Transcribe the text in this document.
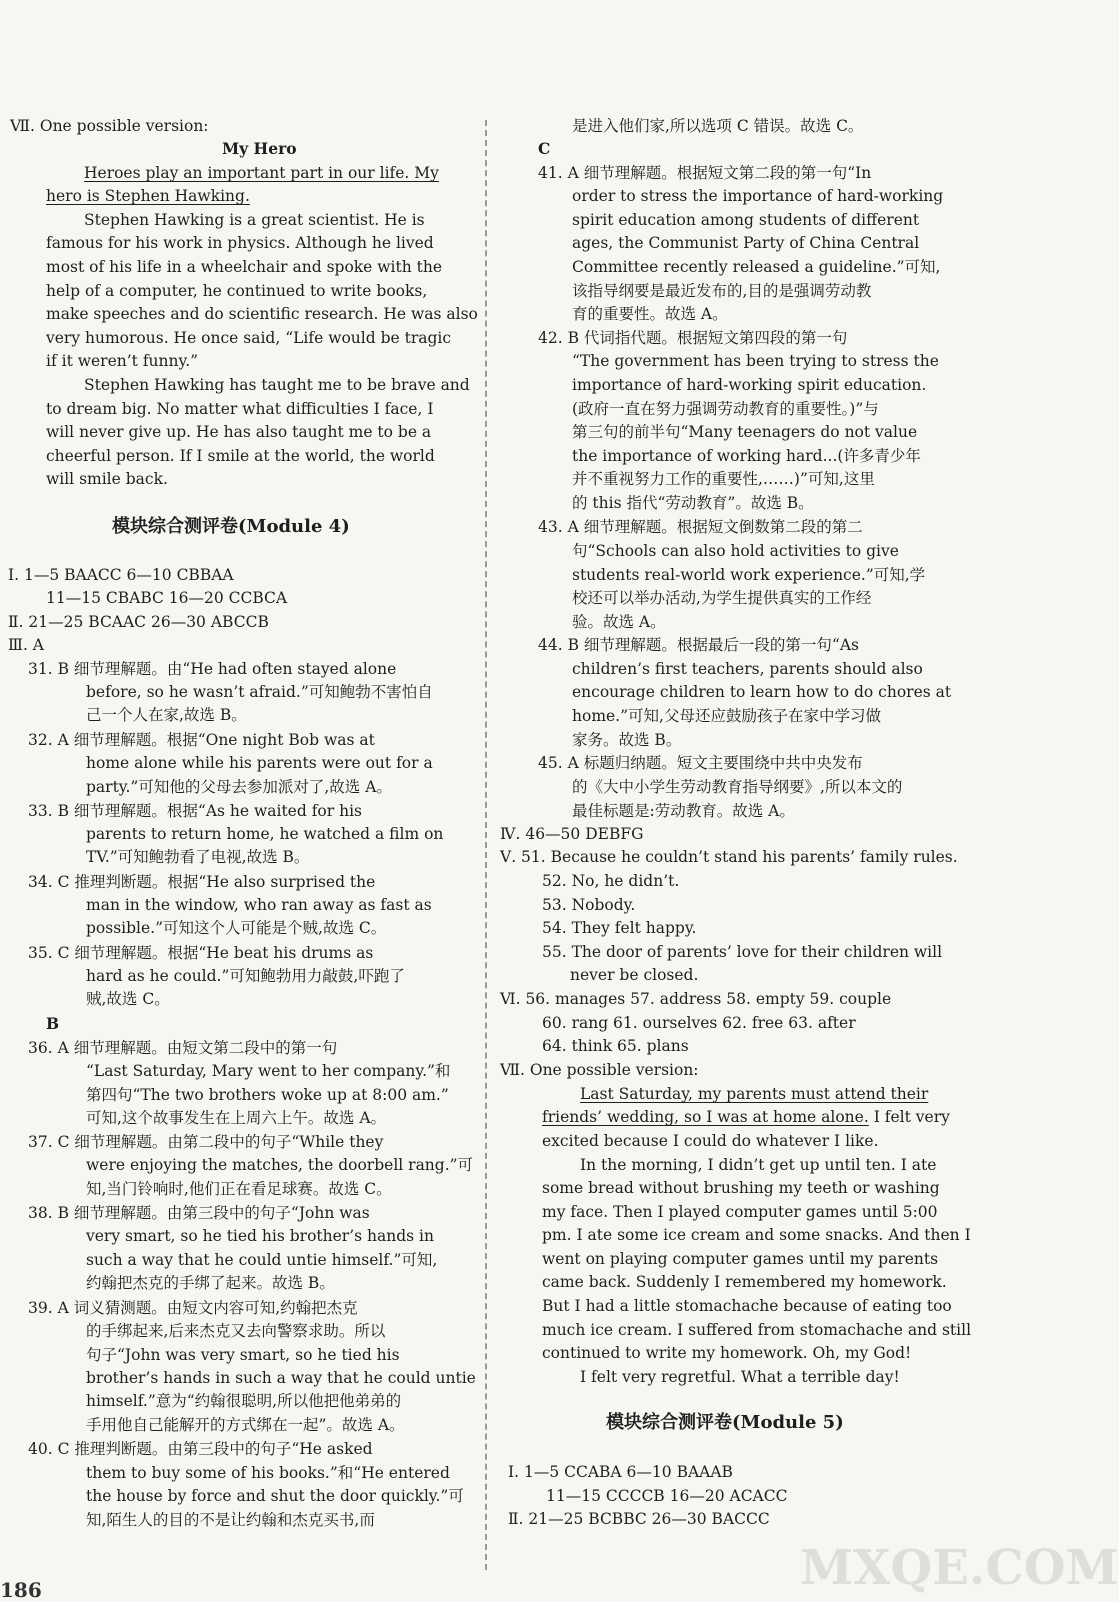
Ⅶ. One possible version:
My Hero
Heroes play an important part in our life. My
hero is Stephen Hawking.
Stephen Hawking is a great scientist. He is
famous for his work in physics. Although he lived
most of his life in a wheelchair and spoke with the
help of a computer, he continued to write books,
make speeches and do scientific research. He was also
very humorous. He once said, “Life would be tragic
if it weren’t funny.”
Stephen Hawking has taught me to be brave and
to dream big. No matter what difficulties I face, I
will never give up. He has also taught me to be a
cheerful person. If I smile at the world, the world
will smile back.
模块综合测评卷(Module 4)
Ⅰ. 1—5 BAACC 6—10 CBBAA
11—15 CBABC 16—20 CCBCA
Ⅱ. 21—25 BCAAC 26—30 ABCCB
Ⅲ. A
31. B 细节理解题。由“He had often stayed alone
before, so he wasn’t afraid.”可知鲍勃不害怕自
己一个人在家,故选 B。
32. A 细节理解题。根据“One night Bob was at
home alone while his parents were out for a
party.”可知他的父母去参加派对了,故选 A。
33. B 细节理解题。根据“As he waited for his
parents to return home, he watched a film on
TV.”可知鲍勃看了电视,故选 B。
34. C 推理判断题。根据“He also surprised the
man in the window, who ran away as fast as
possible.”可知这个人可能是个贼,故选 C。
35. C 细节理解题。根据“He beat his drums as
hard as he could.”可知鲍勃用力敲鼓,吓跑了
贼,故选 C。
B
36. A 细节理解题。由短文第二段中的第一句
“Last Saturday, Mary went to her company.”和
第四句“The two brothers woke up at 8:00 am.”
可知,这个故事发生在上周六上午。故选 A。
37. C 细节理解题。由第二段中的句子“While they
were enjoying the matches, the doorbell rang.”可
知,当门铃响时,他们正在看足球赛。故选 C。
38. B 细节理解题。由第三段中的句子“John was
very smart, so he tied his brother’s hands in
such a way that he could untie himself.”可知,
约翰把杰克的手绑了起来。故选 B。
39. A 词义猜测题。由短文内容可知,约翰把杰克
的手绑起来,后来杰克又去向警察求助。所以
句子“John was very smart, so he tied his
brother’s hands in such a way that he could untie
himself.”意为“约翰很聪明,所以他把他弟弟的
手用他自己能解开的方式绑在一起”。故选 A。
40. C 推理判断题。由第三段中的句子“He asked
them to buy some of his books.”和“He entered
the house by force and shut the door quickly.”可
知,陌生人的目的不是让约翰和杰克买书,而
是进入他们家,所以选项 C 错误。故选 C。
C
41. A 细节理解题。根据短文第二段的第一句“In
order to stress the importance of hard-working
spirit education among students of different
ages, the Communist Party of China Central
Committee recently released a guideline.”可知,
该指导纲要是最近发布的,目的是强调劳动教
育的重要性。故选 A。
42. B 代词指代题。根据短文第四段的第一句
“The government has been trying to stress the
importance of hard-working spirit education.
(政府一直在努力强调劳动教育的重要性。)”与
第三句的前半句“Many teenagers do not value
the importance of working hard...(许多青少年
并不重视努力工作的重要性,……)”可知,这里
的 this 指代“劳动教育”。故选 B。
43. A 细节理解题。根据短文倒数第二段的第二
句“Schools can also hold activities to give
students real-world work experience.”可知,学
校还可以举办活动,为学生提供真实的工作经
验。故选 A。
44. B 细节理解题。根据最后一段的第一句“As
children’s first teachers, parents should also
encourage children to learn how to do chores at
home.”可知,父母还应鼓励孩子在家中学习做
家务。故选 B。
45. A 标题归纳题。短文主要围绕中共中央发布
的《大中小学生劳动教育指导纲要》,所以本文的
最佳标题是:劳动教育。故选 A。
Ⅳ. 46—50 DEBFG
Ⅴ. 51. Because he couldn’t stand his parents’ family rules.
52. No, he didn’t.
53. Nobody.
54. They felt happy.
55. The door of parents’ love for their children will
never be closed.
Ⅵ. 56. manages 57. address 58. empty 59. couple
60. rang 61. ourselves 62. free 63. after
64. think 65. plans
Ⅶ. One possible version:
Last Saturday, my parents must attend their
friends’ wedding, so I was at home alone. I felt very
excited because I could do whatever I like.
In the morning, I didn’t get up until ten. I ate
some bread without brushing my teeth or washing
my face. Then I played computer games until 5:00
pm. I ate some ice cream and some snacks. And then I
went on playing computer games until my parents
came back. Suddenly I remembered my homework.
But I had a little stomachache because of eating too
much ice cream. I suffered from stomachache and still
continued to write my homework. Oh, my God!
I felt very regretful. What a terrible day!
模块综合测评卷(Module 5)
Ⅰ. 1—5 CCABA 6—10 BAAAB
11—15 CCCCB 16—20 ACACC
Ⅱ. 21—25 BCBBC 26—30 BACCC
186	MXQE.COM
